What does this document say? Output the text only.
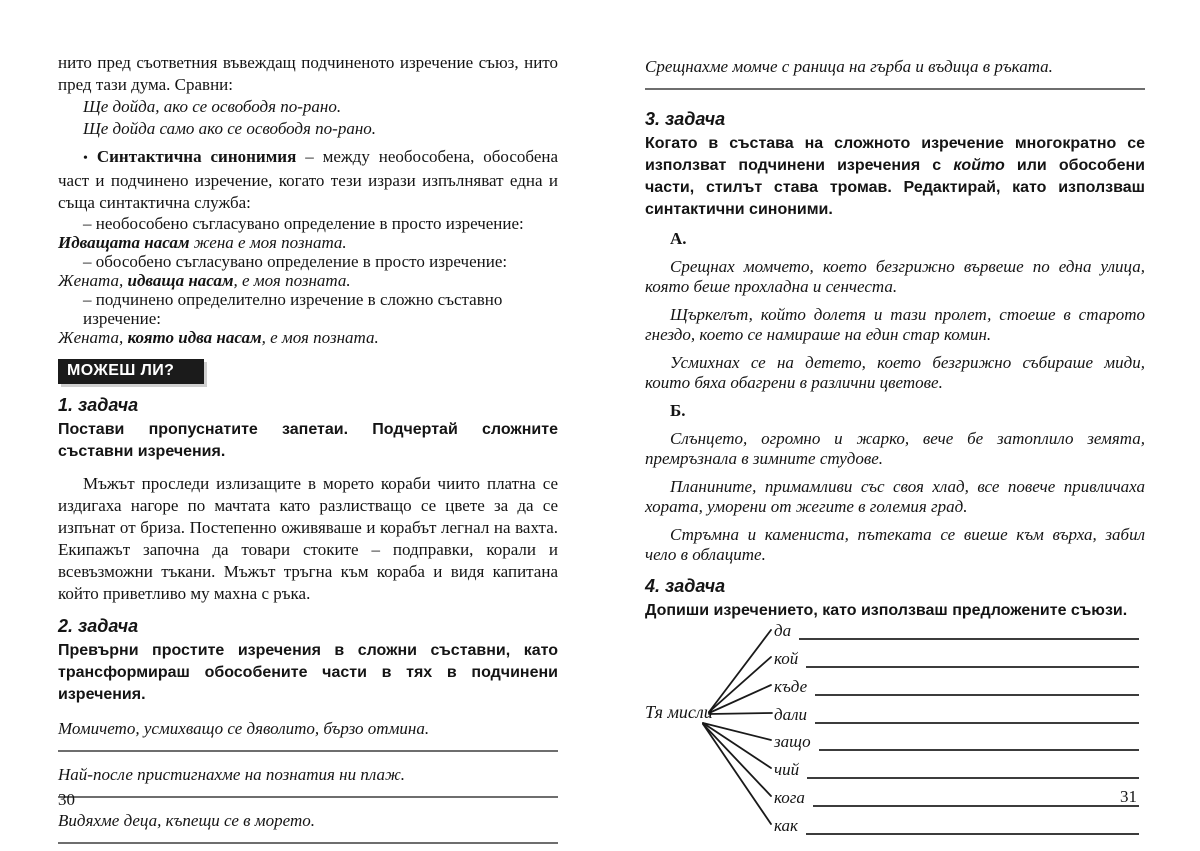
нито пред съответния въвеждащ подчиненото изречение съюз, нито пред тази дума. Сравни:

Ще дойда, ако се освободя по-рано.
Ще дойда само ако се освободя по-рано.

• Синтактична синонимия – между необособена, обособена част и подчинено изречение, когато тези изрази изпълняват една и съща синтактична служба:

– необособено съгласувано определение в просто изречение:
Идващата насам жена е моя позната.
– обособено съгласувано определение в просто изречение:
Жената, идваща насам, е моя позната.
– подчинено определително изречение в сложно съставно изречение:
Жената, която идва насам, е моя позната.
МОЖЕШ ЛИ?
1. задача

Постави пропуснатите запетаи. Подчертай сложните съставни изречения.

Мъжът проследи излизащите в морето кораби чиито платна се издигаха нагоре по мачтата като разлистващо се цвете за да се изпънат от бриза. Постепенно оживяваше и корабът легнал на вахта. Екипажът започна да товари стоките – подправки, корали и всевъзможни тъкани. Мъжът тръгна към кораба и видя капитана който приветливо му махна с ръка.

2. задача

Превърни простите изречения в сложни съставни, като трансформираш обособените части в тях в подчинени изречения.

Момичето, усмихващо се дяволито, бързо отмина.
Най-после пристигнахме на познатия ни плаж.
Видяхме деца, къпещи се в морето.
Срещнахме момче с раница на гърба и въдица в ръката.
3. задача

Когато в състава на сложното изречение многократно се използват подчинени изречения с който или обособени части, стилът става тромав. Редактирай, като използваш синтактични синоними.

А.

Срещнах момчето, което безгрижно вървеше по една улица, която беше прохладна и сенчеста.

Щъркелът, който долетя и тази пролет, стоеше в старото гнездо, което се намираше на един стар комин.

Усмихнах се на детето, което безгрижно събираше миди, които бяха обагрени в различни цветове.

Б.

Слънцето, огромно и жарко, вече бе затоплило земята, премръзнала в зимните студове.

Планините, примамливи със своя хлад, все повече привличаха хората, уморени от жегите в големия град.

Стръмна и камениста, пътеката се виеше към върха, забил чело в облаците.

4. задача

Допиши изречението, като използваш предложените съюзи.

Тя мисли
да
кой
къде
дали
защо
чий
кога
как
30	31
